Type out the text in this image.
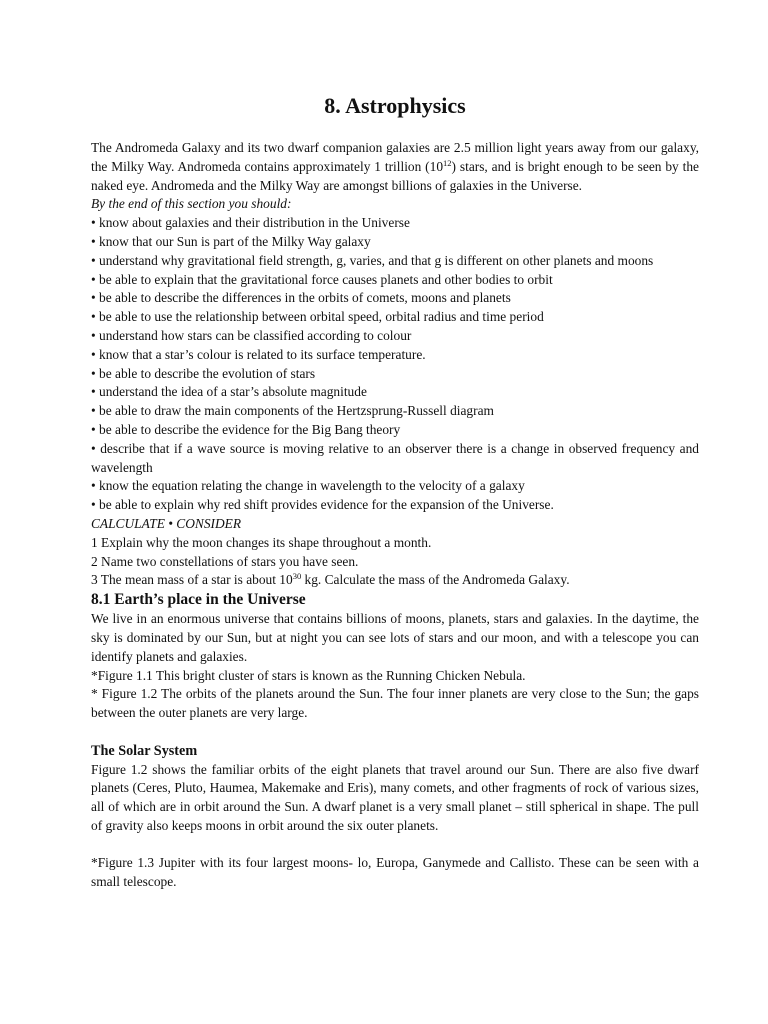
8. Astrophysics

The Andromeda Galaxy and its two dwarf companion galaxies are 2.5 million light years away from our galaxy, the Milky Way. Andromeda contains approximately 1 trillion $(10^{12})$ stars, and is bright enough to be seen by the naked eye. Andromeda and the Milky Way are amongst billions of galaxies in the Universe.

By the end of this section you should:

• know about galaxies and their distribution in the Universe
• know that our Sun is part of the Milky Way galaxy
• understand why gravitational field strength, g, varies, and that g is different on other planets and moons
• be able to explain that the gravitational force causes planets and other bodies to orbit
• be able to describe the differences in the orbits of comets, moons and planets
• be able to use the relationship between orbital speed, orbital radius and time period
• understand how stars can be classified according to colour
• know that a star’s colour is related to its surface temperature.
• be able to describe the evolution of stars
• understand the idea of a star’s absolute magnitude
• be able to draw the main components of the Hertzsprung-Russell diagram
• be able to describe the evidence for the Big Bang theory
• describe that if a wave source is moving relative to an observer there is a change in observed frequency and wavelength
• know the equation relating the change in wavelength to the velocity of a galaxy
• be able to explain why red shift provides evidence for the expansion of the Universe.

CALCULATE • CONSIDER

1 Explain why the moon changes its shape throughout a month.

2 Name two constellations of stars you have seen.

3 The mean mass of a star is about $10^{30}$ kg. Calculate the mass of the Andromeda Galaxy.

8.1 Earth’s place in the Universe

We live in an enormous universe that contains billions of moons, planets, stars and galaxies. In the daytime, the sky is dominated by our Sun, but at night you can see lots of stars and our moon, and with a telescope you can identify planets and galaxies.

*Figure 1.1 This bright cluster of stars is known as the Running Chicken Nebula.

* Figure 1.2 The orbits of the planets around the Sun. The four inner planets are very close to the Sun; the gaps between the outer planets are very large.

The Solar System

Figure 1.2 shows the familiar orbits of the eight planets that travel around our Sun. There are also five dwarf planets (Ceres, Pluto, Haumea, Makemake and Eris), many comets, and other fragments of rock of various sizes, all of which are in orbit around the Sun. A dwarf planet is a very small planet – still spherical in shape. The pull of gravity also keeps moons in orbit around the six outer planets.

*Figure 1.3 Jupiter with its four largest moons- lo, Europa, Ganymede and Callisto. These can be seen with a small telescope.
